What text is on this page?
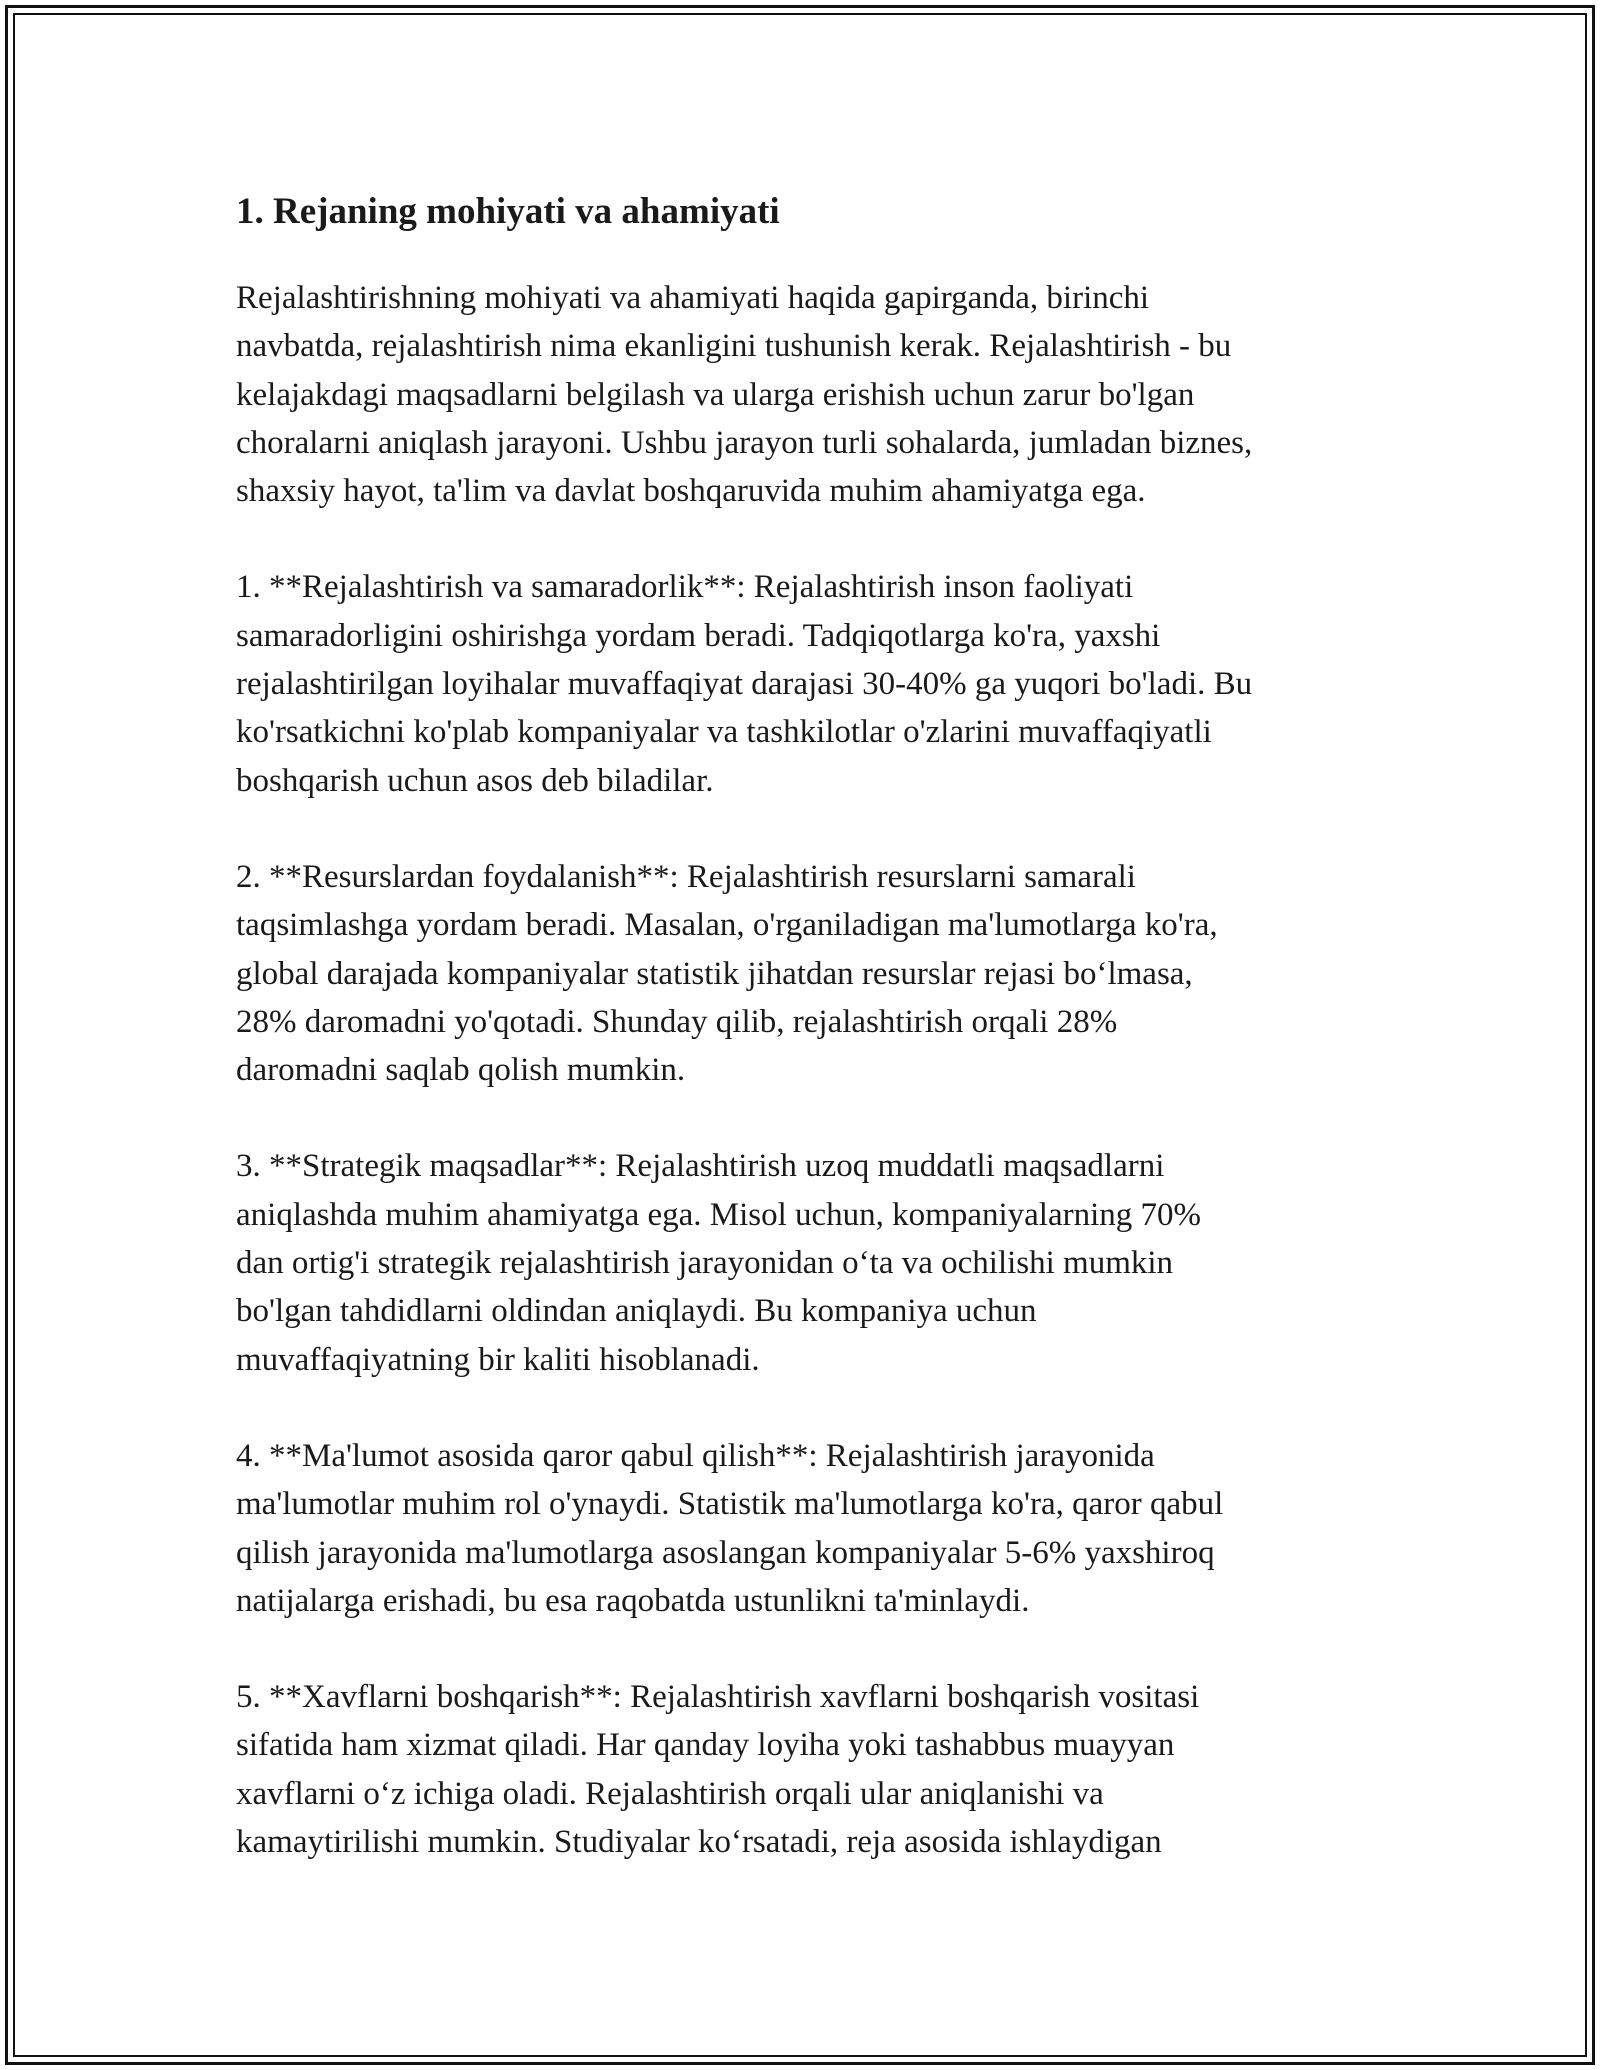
1. Rejaning mohiyati va ahamiyati

Rejalashtirishning mohiyati va ahamiyati haqida gapirganda, birinchi
navbatda, rejalashtirish nima ekanligini tushunish kerak. Rejalashtirish - bu
kelajakdagi maqsadlarni belgilash va ularga erishish uchun zarur bo'lgan
choralarni aniqlash jarayoni. Ushbu jarayon turli sohalarda, jumladan biznes,
shaxsiy hayot, ta'lim va davlat boshqaruvida muhim ahamiyatga ega.

1. **Rejalashtirish va samaradorlik**: Rejalashtirish inson faoliyati
samaradorligini oshirishga yordam beradi. Tadqiqotlarga ko'ra, yaxshi
rejalashtirilgan loyihalar muvaffaqiyat darajasi 30-40% ga yuqori bo'ladi. Bu
ko'rsatkichni ko'plab kompaniyalar va tashkilotlar o'zlarini muvaffaqiyatli
boshqarish uchun asos deb biladilar.

2. **Resurslardan foydalanish**: Rejalashtirish resurslarni samarali
taqsimlashga yordam beradi. Masalan, o'rganiladigan ma'lumotlarga ko'ra,
global darajada kompaniyalar statistik jihatdan resurslar rejasi bo‘lmasa,
28% daromadni yo'qotadi. Shunday qilib, rejalashtirish orqali 28%
daromadni saqlab qolish mumkin.

3. **Strategik maqsadlar**: Rejalashtirish uzoq muddatli maqsadlarni
aniqlashda muhim ahamiyatga ega. Misol uchun, kompaniyalarning 70%
dan ortig'i strategik rejalashtirish jarayonidan o‘ta va ochilishi mumkin
bo'lgan tahdidlarni oldindan aniqlaydi. Bu kompaniya uchun
muvaffaqiyatning bir kaliti hisoblanadi.

4. **Ma'lumot asosida qaror qabul qilish**: Rejalashtirish jarayonida
ma'lumotlar muhim rol o'ynaydi. Statistik ma'lumotlarga ko'ra, qaror qabul
qilish jarayonida ma'lumotlarga asoslangan kompaniyalar 5-6% yaxshiroq
natijalarga erishadi, bu esa raqobatda ustunlikni ta'minlaydi.

5. **Xavflarni boshqarish**: Rejalashtirish xavflarni boshqarish vositasi
sifatida ham xizmat qiladi. Har qanday loyiha yoki tashabbus muayyan
xavflarni o‘z ichiga oladi. Rejalashtirish orqali ular aniqlanishi va
kamaytirilishi mumkin. Studiyalar ko‘rsatadi, reja asosida ishlaydigan
